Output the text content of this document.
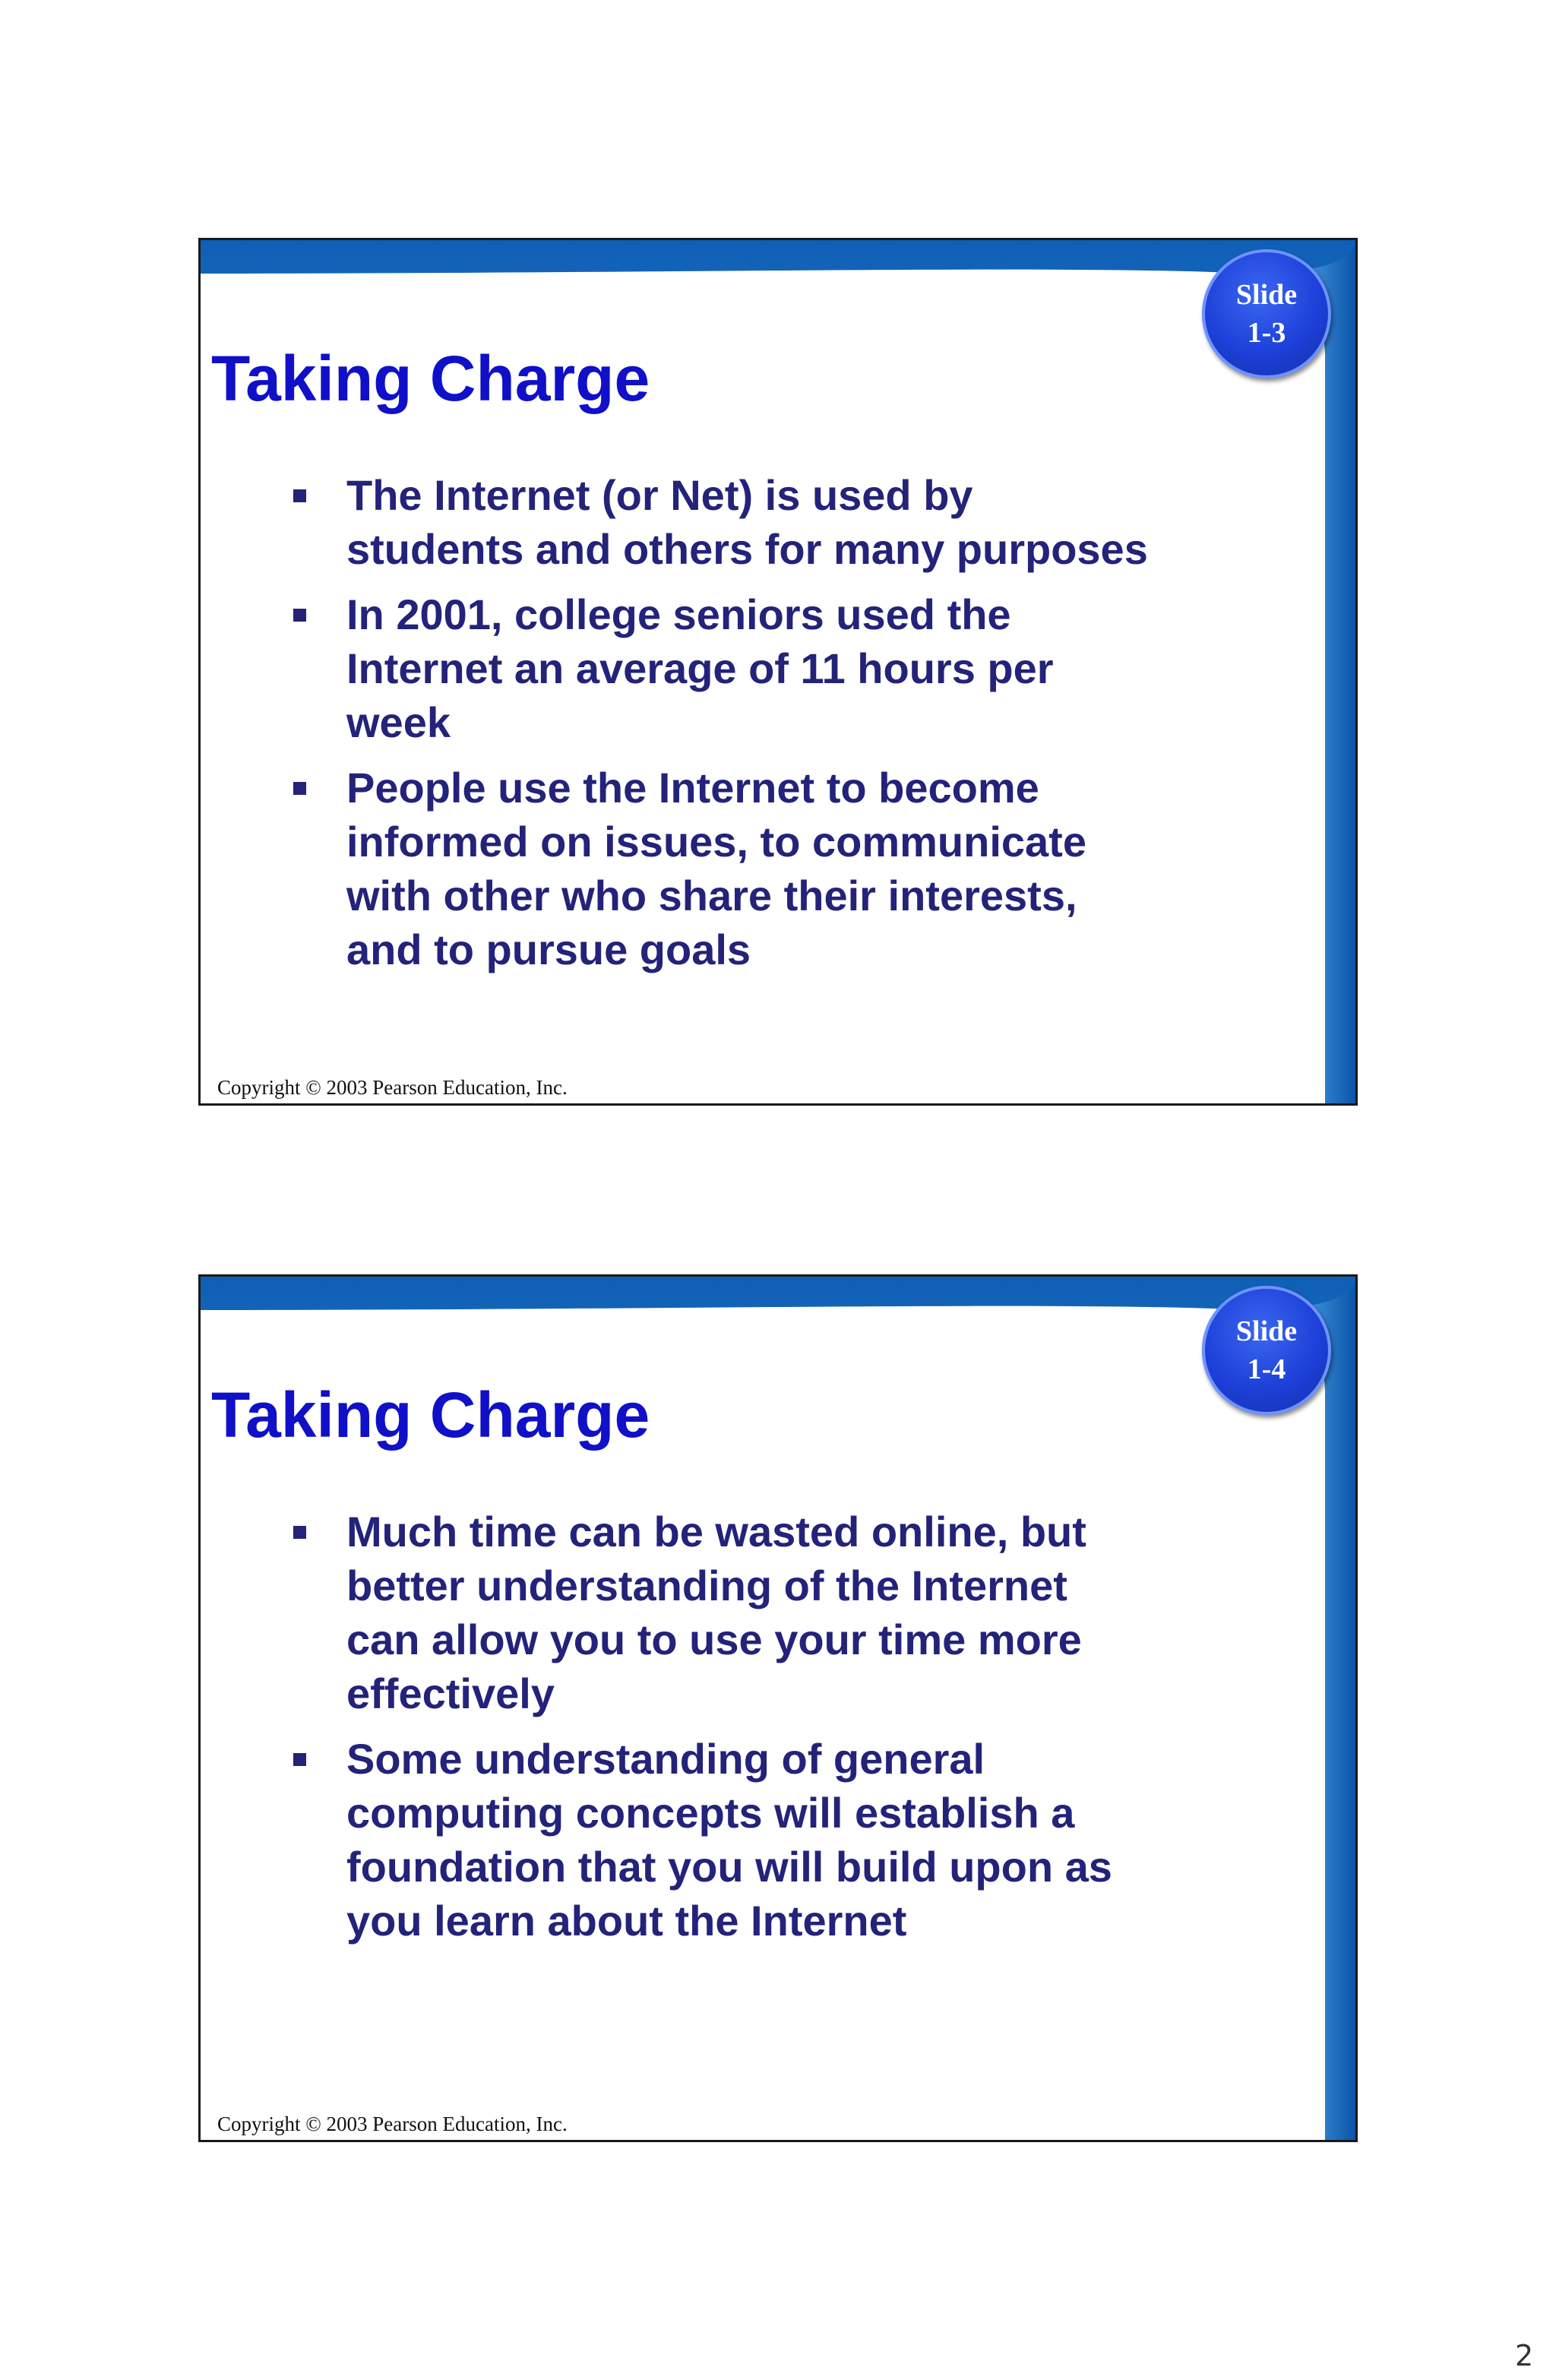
Slide
1-3
Taking Charge
The Internet (or Net) is used by students and others for many purposes
In 2001, college seniors used the Internet an average of 11 hours per week
People use the Internet to become informed on issues, to communicate with other who share their interests, and to pursue goals
Copyright © 2003 Pearson Education, Inc.
Slide
1-4
Taking Charge
Much time can be wasted online, but better understanding of the Internet can allow you to use your time more effectively
Some understanding of general computing concepts will establish a foundation that you will build upon as you learn about the Internet
Copyright © 2003 Pearson Education, Inc.
2
